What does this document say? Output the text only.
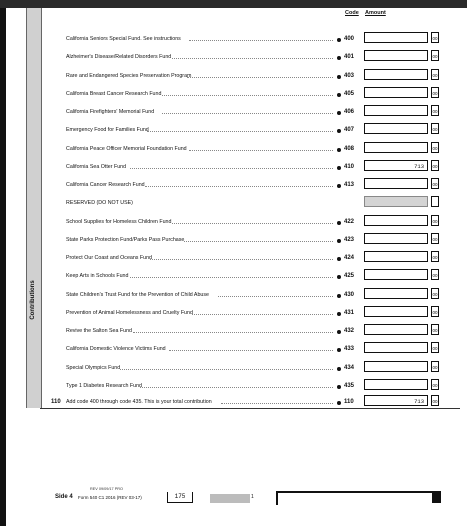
Contributions
Code Amount
California Seniors Special Fund. See instructions	400	00
Alzheimer's Disease/Related Disorders Fund	401	00
Rare and Endangered Species Preservation Program	403	00
California Breast Cancer Research Fund	405	00
California Firefighters' Memorial Fund	406	00
Emergency Food for Families Fund	407	00
California Peace Officer Memorial Foundation Fund	408	00
California Sea Otter Fund	410	713	00
California Cancer Research Fund	413	00
RESERVED (DO NOT USE)
School Supplies for Homeless Children Fund	422	00
State Parks Protection Fund/Parks Pass Purchase	423	00
Protect Our Coast and Oceans Fund	424	00
Keep Arts in Schools Fund	425	00
State Children's Trust Fund for the Prevention of Child Abuse	430	00
Prevention of Animal Homelessness and Cruelty Fund	431	00
Revive the Salton Sea Fund	432	00
California Domestic Violence Victims Fund	433	00
Special Olympics Fund	434	00
Type 1 Diabetes Research Fund	435	00
110 Add code 400 through code 435. This is your total contribution	110	713	00
REV 09/09/17 PRO
Side 4 Form 540 C1 2016 (REV 03-17)	175	1
